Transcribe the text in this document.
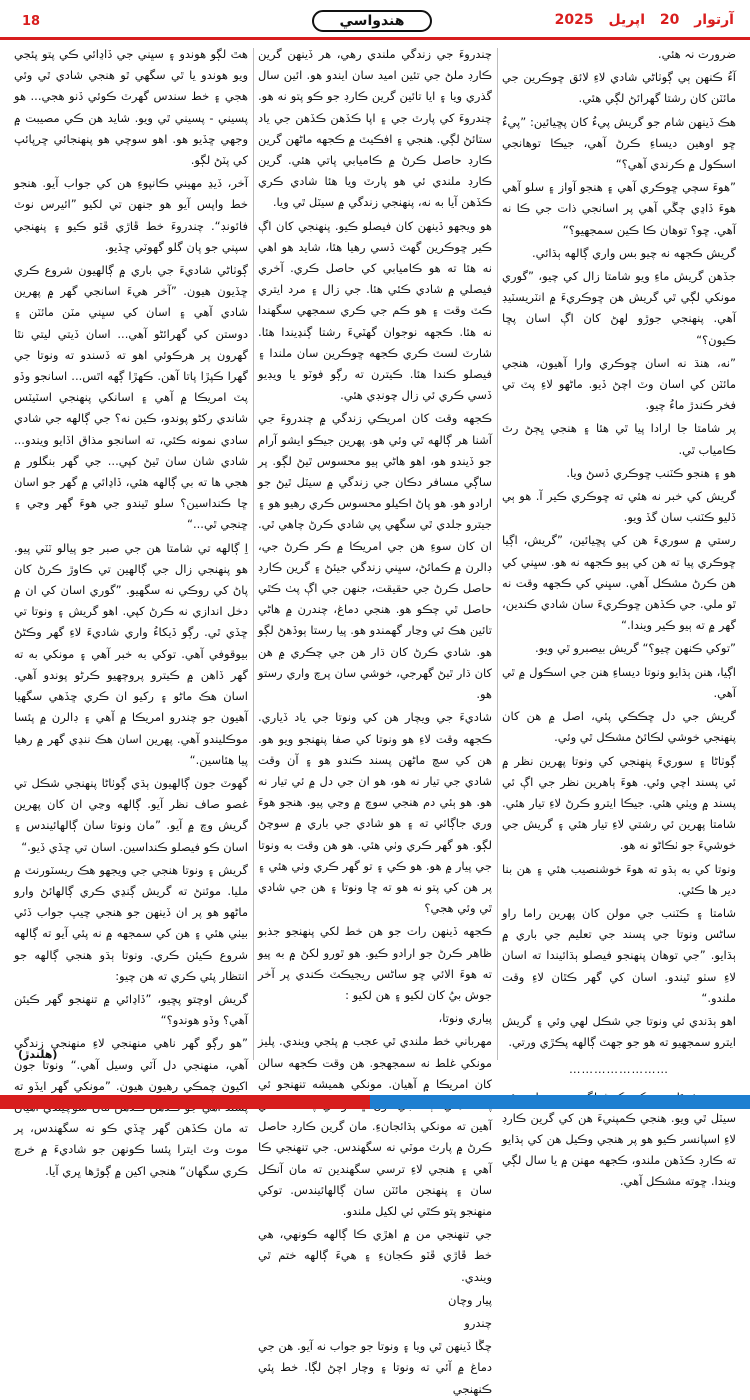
18	هندواسي	آرتوار 20 اپريل 2025

ضرورت نہ هئي.

آءُ ڪنهن ٻي ڳوٺاڻي شادي لاءِ لائق ڇوڪرين جي مائٽن کان رشتا گهرائڻ لڳي هئي.

هڪ ڏينهن شام جو گريش پيءُ کان پڇيائين: ”پيءُ ڇو اوهين ديساءِ ڪرڻ آهي، جيڪا توهانجي اسڪول ۾ ڪرندي آهي؟“

”هوءَ سڄي ڇوڪري آهي ۽ هنجو آواز ۽ سلو آهي هوءَ ڏاڍي چڱي آهي پر اسانجي ذات جي ڪا نه آهي. ڇو؟ توهان ڪا ڪين سمجهيو؟“

گريش ڪجهه نه چيو بس واري ڳالهه ٻڌائي.

جڏهن گريش ماءِ ويو شامتا زال کي چيو، ”گوري مونکي لڳي ٿي گريش هن ڇوڪريءَ ۾ انٽريسٽيڊ آهي. پنهنجي جوڙو لهڻ کان اڳ اسان پڇا ڪيون؟“

”نه، هنڌ نه اسان ڇوڪري وارا آهيون، هنجي مائٽن کي اسان وٽ اچڻ ڏيو. ماڻهو لاءِ پٽ تي فخر ڪندڙ ماءُ چيو.

پر شامتا جا ارادا پيا ٿي هئا ۽ هنجي ڀڄڻ رٽ ڪامياب ٿي.

هو ۽ هنجو ڪٽنب ڇوڪري ڏسڻ ويا.

گريش کي خبر نه هئي ته ڇوڪري ڪير آ. هو ٻي ڏليو ڪٽنب سان گڏ ويو.

رستي ۾ سوريءَ هن کي پڇيائين، ”گريش، اڳيا ڇوڪري پيا ته هن کي ٻيو ڪجهه نه هو. سڀني کي هن ڪرڻ مشڪل آهي. سڀني کي ڪجهه وقت نه ٿو ملي. جي ڪڏهن ڇوڪريءَ سان شادي ڪندين، گهر ۾ ته ٻيو ڪير ويندا.“

”توکي ڪنهن چيو؟“ گريش بيصبرو ٿي ويو.

اڳيا، هنن ٻڌايو ونوتا ديساءِ هنن جي اسڪول ۾ ٿي آهي.

گريش جي دل ڇڪڪي پئي، اصل ۾ هن کان پنهنجي خوشي لڪائڻ مشڪل ٿي وئي.

ڳوٺاڻا ۽ سوريءَ پنهنجي کي ونوتا پهرين نظر ۾ ئي پسند اچي وئي. هوءَ ٻاهرين نظر جي اڳ ئي پسند ۾ ويٺي هئي. جيڪا ايترو ڪرڻ لاءِ تيار هئي. شامتا پهرين ئي رشتي لاءِ تيار هئي ۽ گريش جي خوشيءَ جو ٺڪاڻو نه هو.

ونوتا کي به ٻڌو ته هوءَ خوشنصيب هئي ۽ هن بنا دير ها ڪئي.

شامتا ۽ ڪٽنب جي مولن کان پهرين راما راو ساڻس ونوتا جي پسند جي تعليم جي باري ۾ ٻڌايو. ”جي توهان پنهنجو فيصلو ٻڌائيندا ته اسان لاءِ سٺو ٿيندو. اسان کي گهر ڪٿان لاءِ وقت ملندو.“

اهو ٻڌندي ئي ونوتا جي شڪل لهي وئي ۽ گريش ايترو سمجهيو ته هو جو جهٽ ڳالهه پڪڙي ورتي.

……………………

سيٽل ٿي ويو. هنجي ڪمپنيءَ هن کي گرين ڪارڊ لاءِ اسپانسر ڪيو هو پر هنجي وڪيل هن کي ٻڌايو ته ڪارڊ ڪڏهن ملندو، ڪجهه مهنن ۾ يا سال لڳي ويندا. ڇوته مشڪل آهي.

چندروءَ جي زندگي ملندي رهي، هر ڏينهن گرين ڪارڊ ملڻ جي تئين اميد سان ايندو هو. ائين سال گذري ويا ۽ ايا تائين گرين ڪارڊ جو ڪو پتو نه هو. چندروءَ کي پارٽ جي ۽ اپا ڪڏهن ڪڏهن جي ياد ستائڻ لڳي. هنجي ۽ افڪيٽ ۾ ڪجهه ماڻهن گرين ڪارڊ حاصل ڪرڻ ۾ ڪاميابي پاتي هئي. گرين ڪارڊ ملندي ئي هو پارٽ ويا هئا شادي ڪري ڪڏهن آيا به نه، پنهنجي زندگي ۾ سيٽل ٿي ويا.

هو ويجهو ڏينهن کان فيصلو ڪيو. پنهنجي کان اڳ ڪير ڇوڪرين گهٽ ڏسي رهيا هئا، شايد هو اهي نه هئا ته هو ڪاميابي کي حاصل ڪري. آخري فيصلي ۾ شادي ڪئي هئا. جي زال ۽ مرد ايتري ڪٽ وقت ۽ هو ڪم جي ڪري سمجهي سگهندا نه هئا. ڪجهه نوجوان گهٽيءَ رشتا ڳنڍيندا هئا. شارٽ لسٽ ڪري ڪجهه ڇوڪرين سان ملندا ۽ فيصلو ڪندا هئا. ڪيترن ته رڳو فوٽو يا ويڊيو ڏسي ڪري ئي زال چونڊي هئي.

ڪجهه وقت کان امريڪي زندگي ۾ چندروءَ جي آشنا هر ڳالهه ٿي وئي هو. پهرين جيڪو ايشو آرام جو ڏيندو هو، اهو هاڻي ٻيو محسوس ٿيڻ لڳو. پر ساڳي مسافر دڪان جي زندگي ۾ سيٽل ٿيڻ جو ارادو هو. هو پاڻ اڪيلو محسوس ڪري رهيو هو ۽ جيترو جلدي ٿي سگهي پي شادي ڪرڻ چاهي ٿي. ان کان سوءِ هن جي امريڪا ۾ ڪر ڪرڻ جي، ڊالرن ۾ ڪمائڻ، سڀني زندگي جيئڻ ۽ گرين ڪارڊ حاصل ڪرڻ جي حقيقت، جنهن جي اڳ پٺ ڪٿي حاصل ٿي چڪو هو. هنجي دماغ، چندرن ۾ هاڻي تائين هڪ ئي وڃار گهمندو هو. پيا رستا ٻوڏهڻ لڳو هو. شادي ڪرڻ کان ڌار هن جي چڪري ۾ هن کان ڌار ٿيڻ گهرجي، خوشي سان پرچ واري رستو هو.

شاديءَ جي ويچار هن کي ونوتا جي ياد ڏياري. ڪجهه وقت لاءِ هو ونوتا کي صفا پنهنجو ويو هو. هن کي سچ ماڻهن پسند ڪندو هو ۽ آن وقت شادي جي تيار نه هو، هو ان جي دل ۾ ئي تيار نه هو. هو ٻئي دم هنجي سوچ ۾ وڃي پيو. هنجو هوءَ وري جاڳائي ته ۽ هو شادي جي باري ۾ سوچڻ لڳو. هو گهر ڪري وٺي هئي. هو هن وقت به ونوتا جي پيار ۾ هو. هو ڪي ۽ تو گهر ڪري وٺي هئي ۽ پر هن کي پتو نه هو ته ڇا ونوتا ۽ هن جي شادي ٿي وئي هجي؟

ڪجهه ڏينهن رات جو هن خط لکي پنهنجو جذبو ظاهر ڪرڻ جو ارادو ڪيو. هو ٿورو لکڻ ۾ به پيو ته هوءَ الائي ڇو ساڻس ريجيڪٽ ڪندي پر آخر جوش بيُ کان لکيو ۽ هن لکيو :

پياري ونوتا،

مهرباني خط ملندي ٿي عجب ۾ پئجي ويندي. پليز مونکي غلط نه سمجهجو. هن وقت ڪجهه سالن کان امريڪا ۾ آهيان. مونکي هميشه تنهنجو ئي آهين ته مونکي ٻڌائجانءِ. مان گرين ڪارڊ حاصل ڪرڻ ۾ پارٽ موٽي نه سگهندس. جي تنهنجي ڪا آهي ۽ هنجي لاءِ ترسي سگهندين ته مان آنڪل سان ۽ پنهنجن مائٽن سان ڳالهائيندس. توکي منهنجو پتو ڪٿي ئي لکيل ملندو.

جي تنهنجي من ۾ اهڙي ڪا ڳالهه ڪونهي، هي خط ڦاڙي ڦٽو ڪجانءِ ۽ هيءَ ڳالهه ختم ٿي ويندي.

پيار وچان

چندرو

چڱا ڏينهن ٿي ويا ۽ ونوتا جو جواب نه آيو. هن جي دماغ ۾ آئي ته ونوتا ۽ وچار اچڻ لڳا. خط پئي ڪنهنجي

هٿ لڳو هوندو ۽ سڀني جي ڏاڍائي ڪي پتو پئجي ويو هوندو يا ٿي سگهي ٿو هنجي شادي ٿي وئي هجي ۽ خط سندس گهرٽ ڪوئي ڏنو هجي... هو پسيني - پسيني ٿي ويو. شايد هن ڪي مصيبت ۾ وجهي ڇڏيو هو. اهو سوچي هو پنهنجائي ڇرپائپ کي پٽڻ لڳو.

آخر، ڏيڍ مهيني ڪانپوءِ هن کي جواب آيو. هنجو خط واپس آيو هو جنهن تي لکيو ”ائيرس نوٽ فائونڊ“. چندروءَ خط ڦاڙي ڦٽو ڪيو ۽ پنهنجي سپني جو پان گلو گهوٽي ڇڏيو.

ڳوٺاڻي شاديءَ جي باري ۾ ڳالهيون شروع ڪري ڇڏيون هيون. ”آخر هيءَ اسانجي گهر ۾ پهرين شادي آهي ۽ اسان کي سڀني مٽن مائٽن ۽ دوستن کي گهرائڻو آهي... اسان ڏيتي ليتي نٿا گهرون پر هرڪوئي اهو ته ڏسندو ته ونوتا جي گهرا ڪپڙا پاتا آهن. ڪهڙا ڳهه اٿس... اسانجو وڏو پٽ امريڪا ۾ آهي ۽ اسانکي پنهنجي اسٽيٽس شاندي رکڻو پوندو، ڪين نه؟ جي ڳالهه جي شادي سادي نمونه ڪئي، ته اسانجو مذاق اڏايو ويندو... شادي شان سان ٿيڻ کپي... جي گهر بنگلور ۾ هجي ها ته بي ڳالهه هئي، ڏاڍائي ۾ گهر جو اسان ڇا ڪنداسين؟ سلو ٿيندو جي هوءَ گهر وڃي ۽ ڇنجي ٿي...“

اِ ڳالهه تي شامتا هن جي صبر جو پيالو ٽٽي پيو. هو پنهنجي زال جي ڳالهين تي ڪاوڙ ڪرڻ کان پاڻ کي روڪي نه سگهيو. ”گوري اسان کي ان ۾ دخل اندازي نه ڪرڻ کپي. اهو گريش ۽ ونوتا تي ڇڏي ٿي. رڳو ڏيکاءُ واري شاديءَ لاءِ گهر وڪڻڻ بيوقوفي آهي. توکي به خبر آهي ۽ مونکي به ته گهر ڏاهن ۾ ڪيترو پروڄهيو ڪرڻو پوندو آهي. اسان هڪ ماڻو ۽ رکيو ان ڪري ڇڏهي سگهيا آهيون جو چندرو امريڪا ۾ آهي ۽ ڊالرن ۾ پئسا موڪليندو آهي. پهرين اسان هڪ ننڍي گهر ۾ رهيا پيا هئاسين.“

گهوٽ جون ڳالهيون ٻڌي ڳوٺاڻا پنهنجي شڪل تي غصو صاف نظر آيو. ڳالهه وڃي ان کان پهرين گريش وچ ۾ آيو. ”مان ونوتا سان ڳالهائيندس ۽ اسان ڪو فيصلو ڪنداسين. اسان تي ڇڏي ڏيو.“

گريش ۽ ونوتا هنجي جي ويجهو هڪ ريسٽورنٽ ۾ مليا. موئنڻ ته گريش ڳنڍي ڪري ڳالهائڻ وارو ماڻهو هو پر ان ڏينهن جو هنجي چيپ جواب ڏئي بيٺي هئي ۽ هن کي سمجهه ۾ نه پئي آيو ته ڳالهه شروع ڪيئن ڪري. ونوتا ٻڌو هنجي ڳالهه جو انتظار پئي ڪري ته هن چيو:

گريش اوچتو پڇيو، ”ڏاڍائي ۾ تنهنجو گهر ڪيئن آهي؟ وڏو هوندو؟“

”هو رڳو گهر ناهي منهنجي لاءِ منهنجي زندگي آهي، منهنجي دل آٽي وسيل آهي.“ ونوتا جون اکيون چمڪي رهيون هيون. ”مونکي گهر ايڏو ته ته مان ڪڏهن گهر ڇڏي ڪو نه سگهندس، پر موت وٽ ايترا پئسا ڪونهن جو شاديءَ ۾ خرچ ڪري سگهان“ هنجي اکين ۾ ڳوڙها ڀري آيا.

(هلندڙ)
